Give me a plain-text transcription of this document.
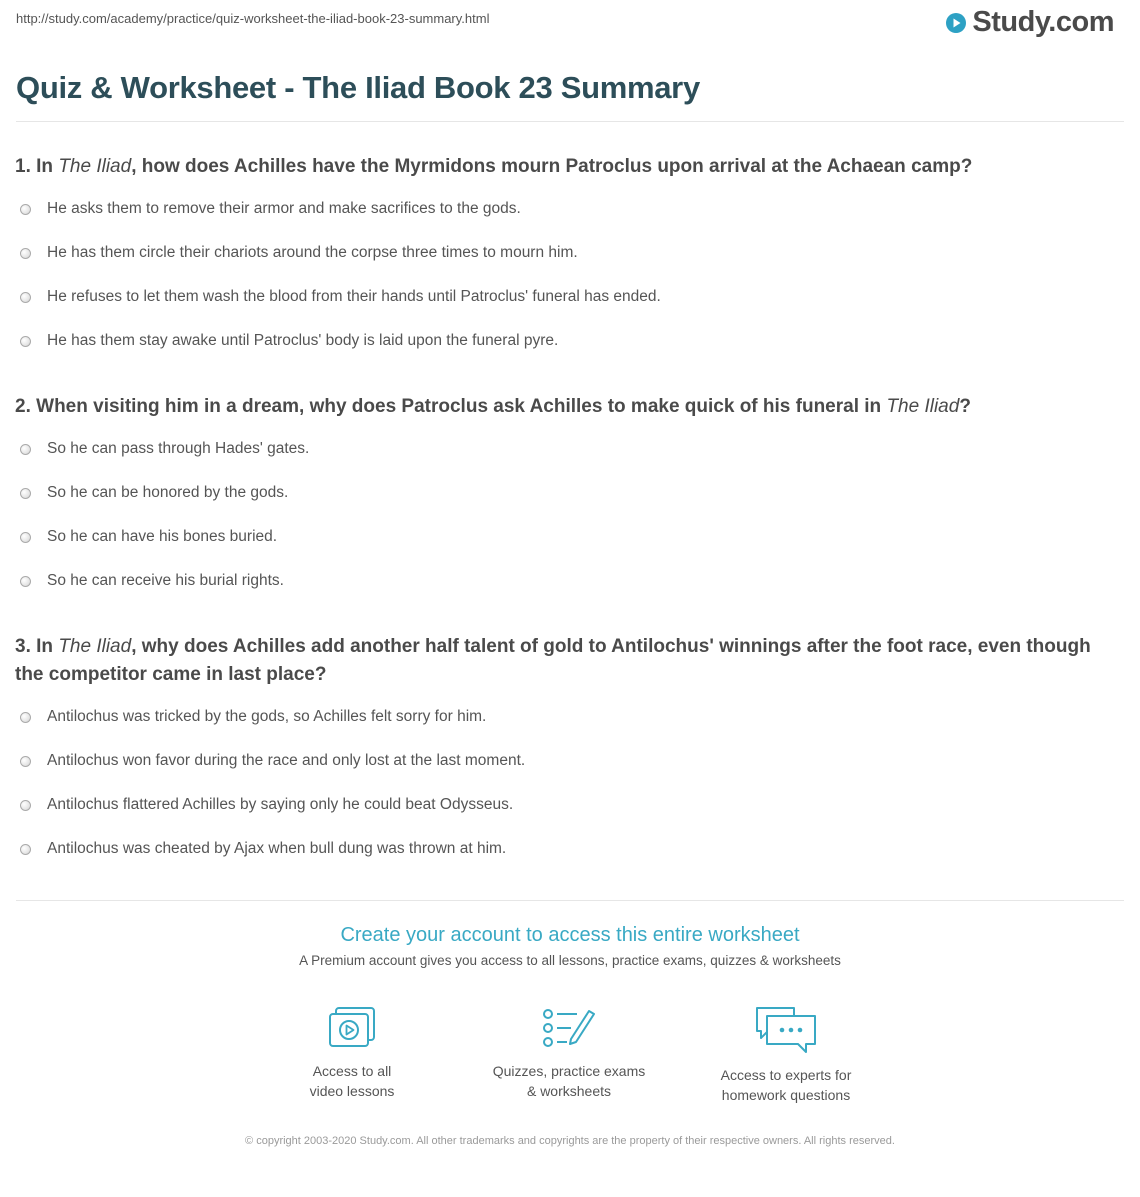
http://study.com/academy/practice/quiz-worksheet-the-iliad-book-23-summary.html	Study.com
Quiz & Worksheet - The Iliad Book 23 Summary

1. In The Iliad, how does Achilles have the Myrmidons mourn Patroclus upon arrival at the Achaean camp?

He asks them to remove their armor and make sacrifices to the gods.
He has them circle their chariots around the corpse three times to mourn him.
He refuses to let them wash the blood from their hands until Patroclus' funeral has ended.
He has them stay awake until Patroclus' body is laid upon the funeral pyre.

2. When visiting him in a dream, why does Patroclus ask Achilles to make quick of his funeral in The Iliad?

So he can pass through Hades' gates.
So he can be honored by the gods.
So he can have his bones buried.
So he can receive his burial rights.

3. In The Iliad, why does Achilles add another half talent of gold to Antilochus' winnings after the foot race, even though the competitor came in last place?

Antilochus was tricked by the gods, so Achilles felt sorry for him.
Antilochus won favor during the race and only lost at the last moment.
Antilochus flattered Achilles by saying only he could beat Odysseus.
Antilochus was cheated by Ajax when bull dung was thrown at him.

Create your account to access this entire worksheet

A Premium account gives you access to all lessons, practice exams, quizzes & worksheets
Access to all
video lessons
Quizzes, practice exams
& worksheets
Access to experts for
homework questions
© copyright 2003-2020 Study.com. All other trademarks and copyrights are the property of their respective owners. All rights reserved.
